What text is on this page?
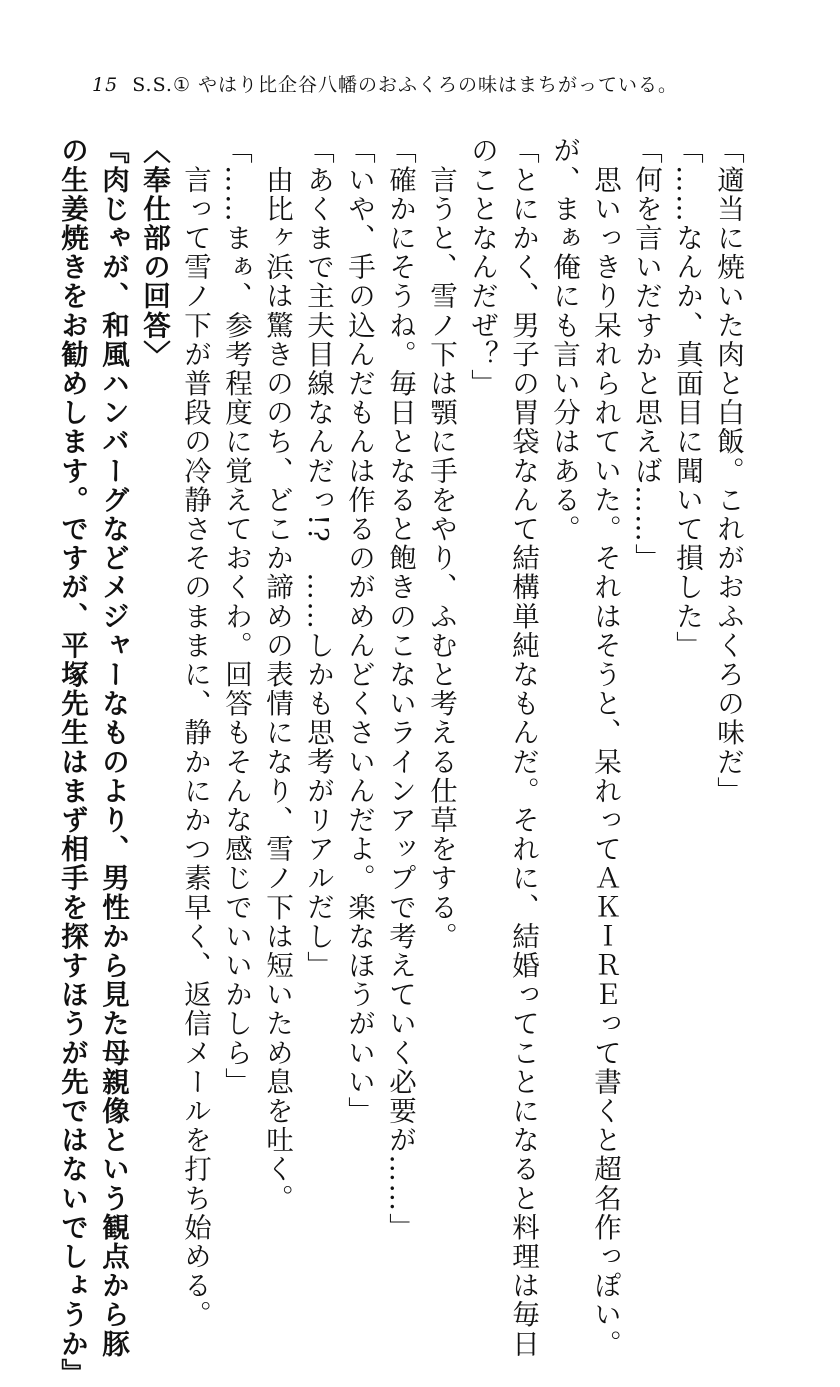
15 S.S.① やはり比企谷八幡のおふくろの味はまちがっている。

「適当に焼いた肉と白飯。これがおふくろの味だ」

「……なんか、真面目に聞いて損した」

「何を言いだすかと思えば……」

　思いっきり呆れられていた。それはそうと、呆れってＡＫＩＲＥって書くと超名作っぽい。

が、まぁ俺にも言い分はある。

「とにかく、男子の胃袋なんて結構単純なもんだ。それに、結婚ってことになると料理は毎日

のことなんだぜ？」

　言うと、雪ノ下は顎に手をやり、ふむと考える仕草をする。

「確かにそうね。毎日となると飽きのこないラインアップで考えていく必要が……」

「いや、手の込んだもんは作るのがめんどくさいんだよ。楽なほうがいい」

「あくまで主夫目線なんだっ!?　……しかも思考がリアルだし」

　由比ヶ浜は驚きののち、どこか諦めの表情になり、雪ノ下は短いため息を吐く。

「……まぁ、参考程度に覚えておくわ。回答もそんな感じでいいかしら」

　言って雪ノ下が普段の冷静さそのままに、静かにかつ素早く、返信メールを打ち始める。

〈奉仕部の回答〉

『肉じゃが、和風ハンバーグなどメジャーなものより、男性から見た母親像という観点から豚

の生姜焼きをお勧めします。ですが、平塚先生はまず相手を探すほうが先ではないでしょうか』
